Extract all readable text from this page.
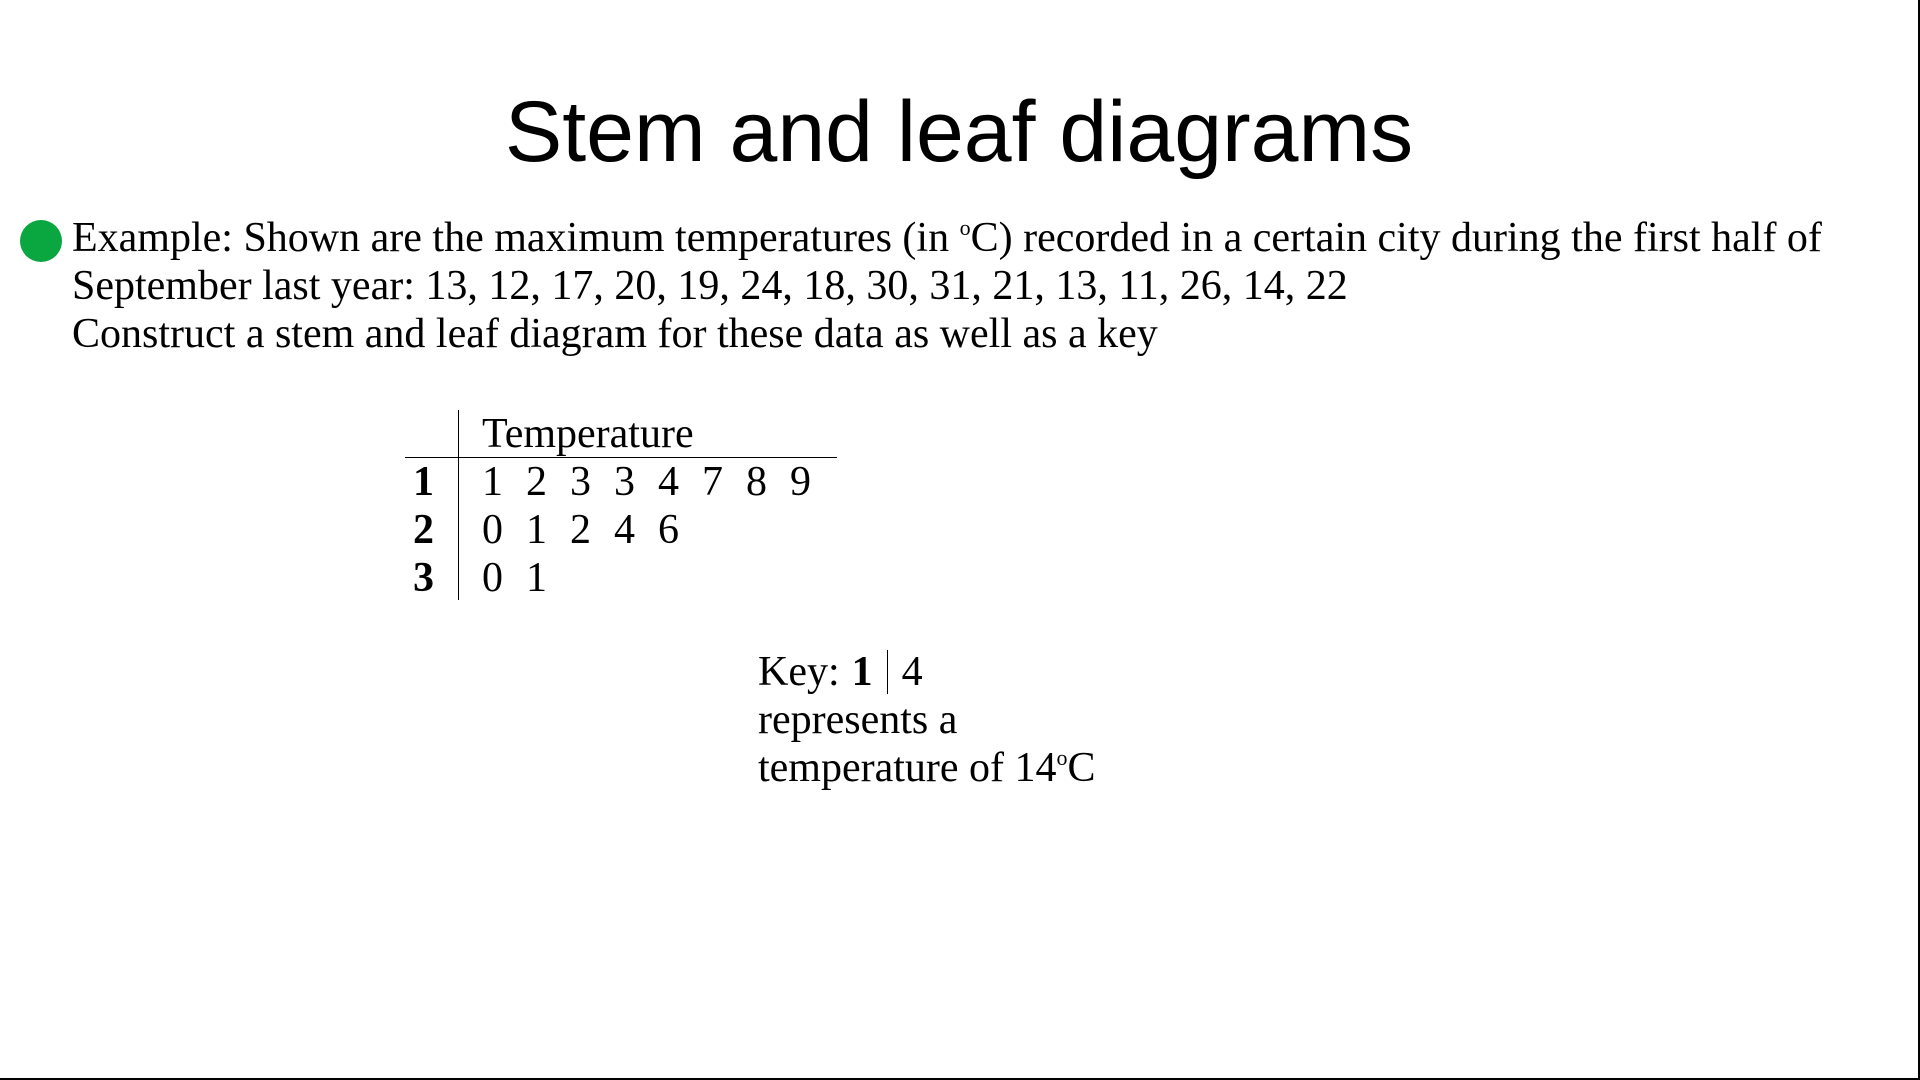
Stem and leaf diagrams
Example: Shown are the maximum temperatures (in $^o$C) recorded in a certain city during the first half of
September last year: 13, 12, 17, 20, 19, 24, 18, 30, 31, 21, 13, 11, 26, 14, 22
Construct a stem and leaf diagram for these data as well as a key
Temperature
1 1 2 3 3 4 7 8 9
2 0 1 2 4 6
3 0 1
Key: 1 4
represents a
temperature of 14$^o$C
